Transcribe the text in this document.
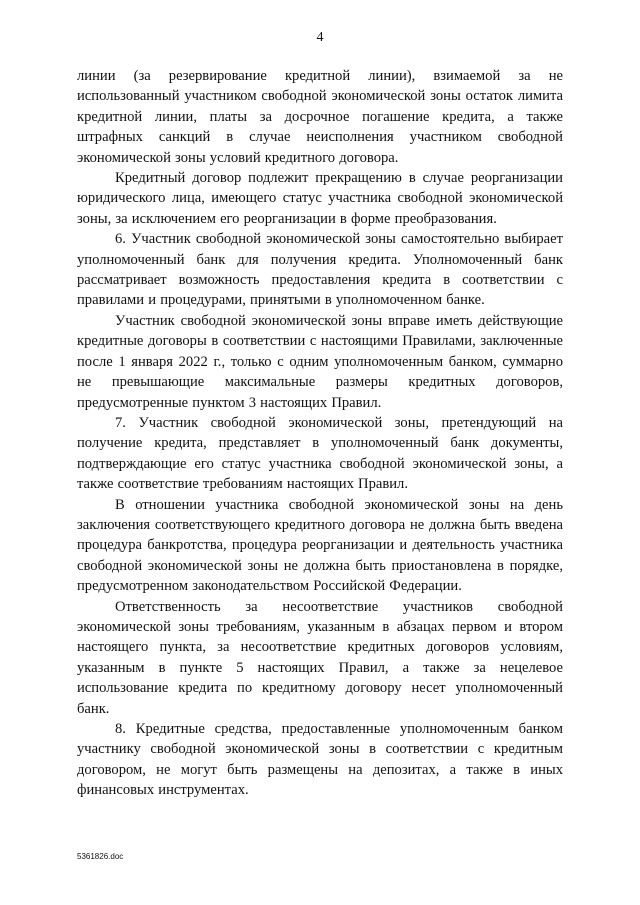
4

линии (за резервирование кредитной линии), взимаемой за не использованный участником свободной экономической зоны остаток лимита кредитной линии, платы за досрочное погашение кредита, а также штрафных санкций в случае неисполнения участником свободной экономической зоны условий кредитного договора.

Кредитный договор подлежит прекращению в случае реорганизации юридического лица, имеющего статус участника свободной экономической зоны, за исключением его реорганизации в форме преобразования.

6. Участник свободной экономической зоны самостоятельно выбирает уполномоченный банк для получения кредита. Уполномоченный банк рассматривает возможность предоставления кредита в соответствии с правилами и процедурами, принятыми в уполномоченном банке.

Участник свободной экономической зоны вправе иметь действующие кредитные договоры в соответствии с настоящими Правилами, заключенные после 1 января 2022 г., только с одним уполномоченным банком, суммарно не превышающие максимальные размеры кредитных договоров, предусмотренные пунктом 3 настоящих Правил.

7. Участник свободной экономической зоны, претендующий на получение кредита, представляет в уполномоченный банк документы, подтверждающие его статус участника свободной экономической зоны, а также соответствие требованиям настоящих Правил.

В отношении участника свободной экономической зоны на день заключения соответствующего кредитного договора не должна быть введена процедура банкротства, процедура реорганизации и деятельность участника свободной экономической зоны не должна быть приостановлена в порядке, предусмотренном законодательством Российской Федерации.

Ответственность за несоответствие участников свободной экономической зоны требованиям, указанным в абзацах первом и втором настоящего пункта, за несоответствие кредитных договоров условиям, указанным в пункте 5 настоящих Правил, а также за нецелевое использование кредита по кредитному договору несет уполномоченный банк.

8. Кредитные средства, предоставленные уполномоченным банком участнику свободной экономической зоны в соответствии с кредитным договором, не могут быть размещены на депозитах, а также в иных финансовых инструментах.

5361826.doc
